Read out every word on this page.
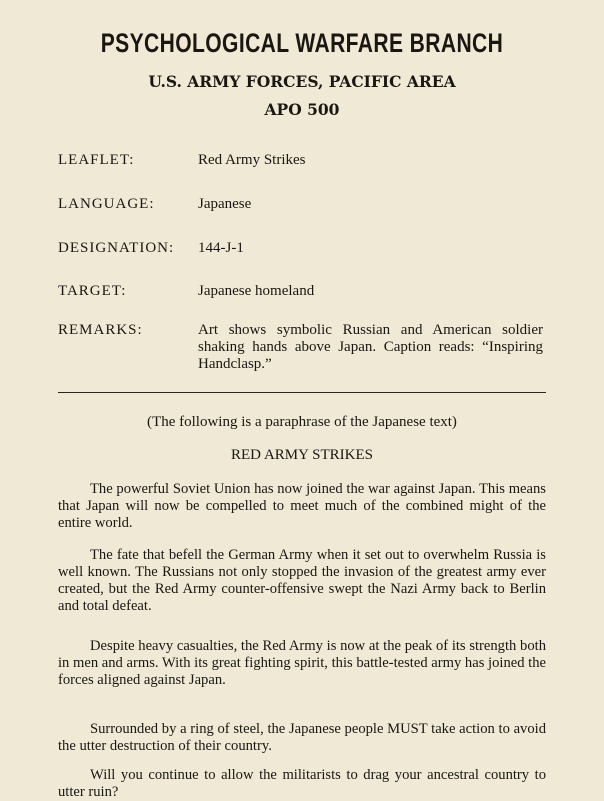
PSYCHOLOGICAL WARFARE BRANCH
U.S. ARMY FORCES, PACIFIC AREA
APO 500
LEAFLET:	Red Army Strikes
LANGUAGE:	Japanese
DESIGNATION: 144-J-1
TARGET:	Japanese homeland
REMARKS:	Art shows symbolic Russian and American soldier shaking hands above Japan. Caption reads: “Inspiring Handclasp.”
(The following is a paraphrase of the Japanese text)
RED ARMY STRIKES
The powerful Soviet Union has now joined the war against Japan. This means that Japan will now be compelled to meet much of the combined might of the entire world.
The fate that befell the German Army when it set out to overwhelm Russia is well known. The Russians not only stopped the invasion of the greatest army ever created, but the Red Army counter-offensive swept the Nazi Army back to Berlin and total defeat.
Despite heavy casualties, the Red Army is now at the peak of its strength both in men and arms. With its great fighting spirit, this battle-tested army has joined the forces aligned against Japan.
Surrounded by a ring of steel, the Japanese people MUST take action to avoid the utter destruction of their country.
Will you continue to allow the militarists to drag your ancestral country to utter ruin?
